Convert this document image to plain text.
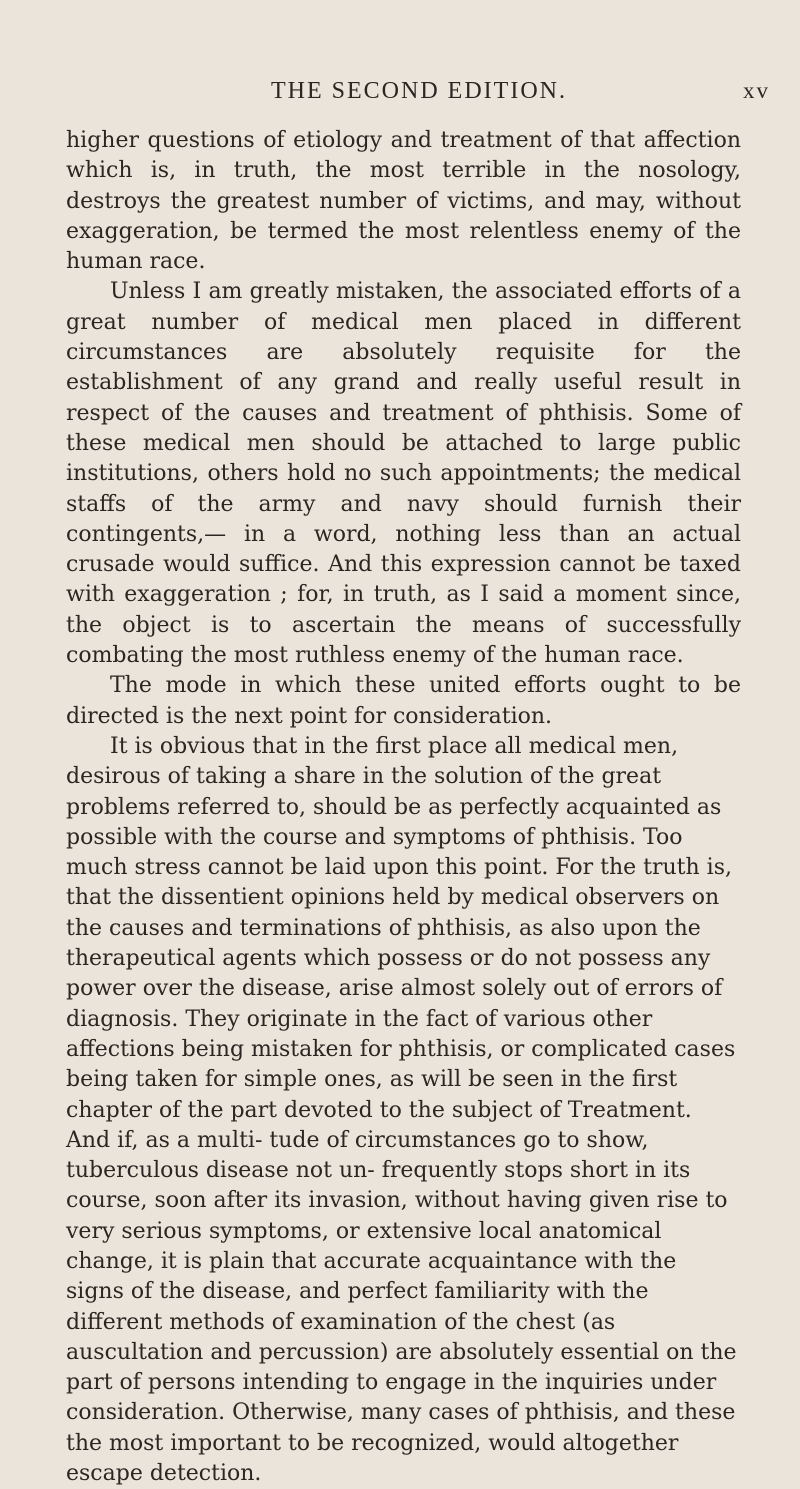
THE SECOND EDITION.	xv

higher questions of etiology and treatment of that affection which is, in truth, the most terrible in the nosology, destroys the greatest number of victims, and may, without exaggeration, be termed the most relentless enemy of the human race.

Unless I am greatly mistaken, the associated efforts of a great number of medical men placed in different circumstances are absolutely requisite for the establishment of any grand and really useful result in respect of the causes and treatment of phthisis. Some of these medical men should be attached to large public institutions, others hold no such appointments; the medical staffs of the army and navy should furnish their contingents,— in a word, nothing less than an actual crusade would suffice. And this expression cannot be taxed with exaggeration ; for, in truth, as I said a moment since, the object is to ascertain the means of successfully combating the most ruthless enemy of the human race.

The mode in which these united efforts ought to be directed is the next point for consideration.

It is obvious that in the first place all medical men, desirous of taking a share in the solution of the great problems referred to, should be as perfectly acquainted as possible with the course and symptoms of phthisis. Too much stress cannot be laid upon this point. For the truth is, that the dissentient opinions held by medical observers on the causes and terminations of phthisis, as also upon the therapeutical agents which possess or do not possess any power over the disease, arise almost solely out of errors of diagnosis. They originate in the fact of various other affections being mistaken for phthisis, or complicated cases being taken for simple ones, as will be seen in the first chapter of the part devoted to the subject of Treatment. And if, as a multi- tude of circumstances go to show, tuberculous disease not un- frequently stops short in its course, soon after its invasion, without having given rise to very serious symptoms, or extensive local anatomical change, it is plain that accurate acquaintance with the signs of the disease, and perfect familiarity with the different methods of examination of the chest (as auscultation and percussion) are absolutely essential on the part of persons intending to engage in the inquiries under consideration. Otherwise, many cases of phthisis, and these the most important to be recognized, would altogether escape detection.
